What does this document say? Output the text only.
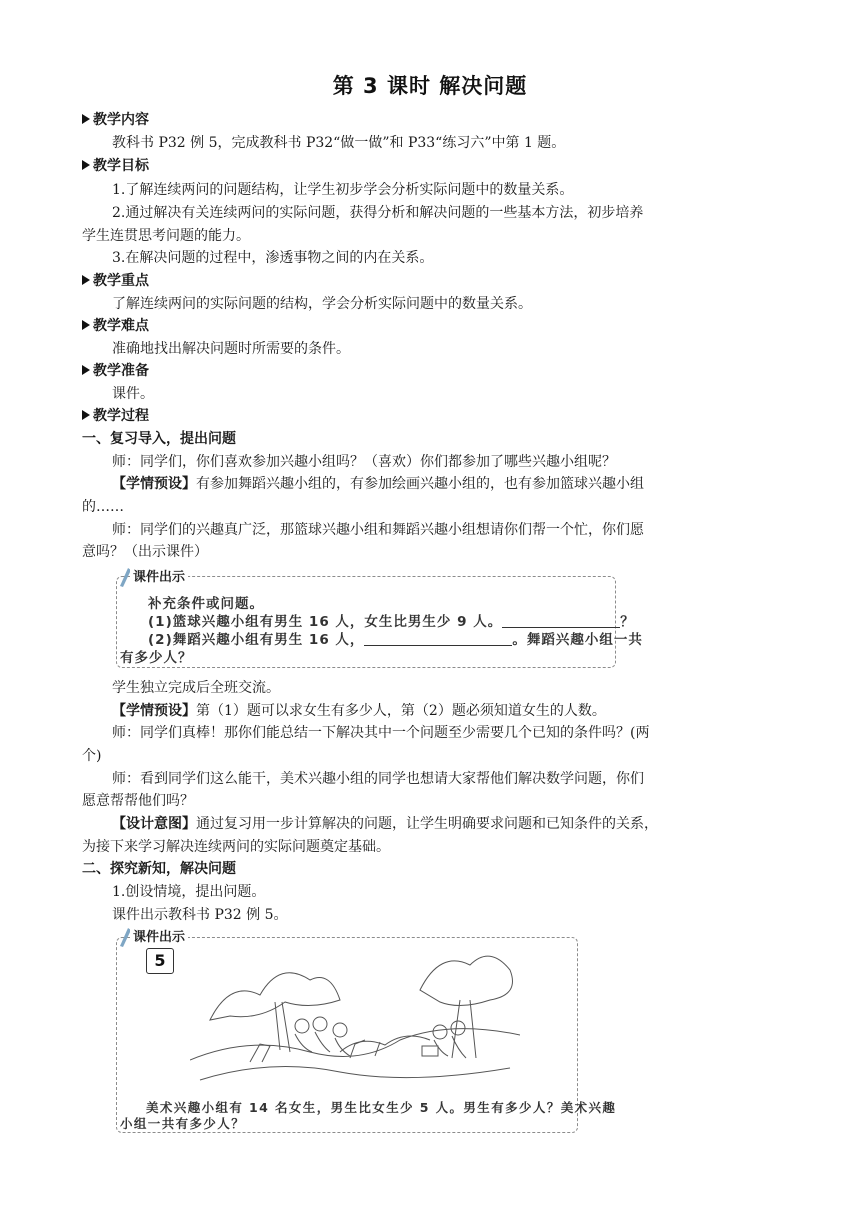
第 3 课时 解决问题
教学内容
教科书 P32 例 5，完成教科书 P32“做一做”和 P33“练习六”中第 1 题。
教学目标
1.了解连续两问的问题结构，让学生初步学会分析实际问题中的数量关系。
2.通过解决有关连续两问的实际问题，获得分析和解决问题的一些基本方法，初步培养
学生连贯思考问题的能力。
3.在解决问题的过程中，渗透事物之间的内在关系。
教学重点
了解连续两问的实际问题的结构，学会分析实际问题中的数量关系。
教学难点
准确地找出解决问题时所需要的条件。
教学准备
课件。
教学过程
一、复习导入，提出问题
师：同学们，你们喜欢参加兴趣小组吗？（喜欢）你们都参加了哪些兴趣小组呢？
【学情预设】有参加舞蹈兴趣小组的，有参加绘画兴趣小组的，也有参加篮球兴趣小组
的……
师：同学们的兴趣真广泛，那篮球兴趣小组和舞蹈兴趣小组想请你们帮一个忙，你们愿
意吗？（出示课件）
课件出示
补充条件或问题。
(1)篮球兴趣小组有男生 16 人，女生比男生少 9 人。	？
(2)舞蹈兴趣小组有男生 16 人，	。舞蹈兴趣小组一共
有多少人？
学生独立完成后全班交流。
【学情预设】第（1）题可以求女生有多少人，第（2）题必须知道女生的人数。
师：同学们真棒！那你们能总结一下解决其中一个问题至少需要几个已知的条件吗？(两
个)
师：看到同学们这么能干，美术兴趣小组的同学也想请大家帮他们解决数学问题，你们
愿意帮帮他们吗？
【设计意图】通过复习用一步计算解决的问题，让学生明确要求问题和已知条件的关系，
为接下来学习解决连续两问的实际问题奠定基础。
二、探究新知，解决问题
1.创设情境，提出问题。
课件出示教科书 P32 例 5。
课件出示
5
美术兴趣小组有 14 名女生，男生比女生少 5 人。男生有多少人？美术兴趣
小组一共有多少人？
